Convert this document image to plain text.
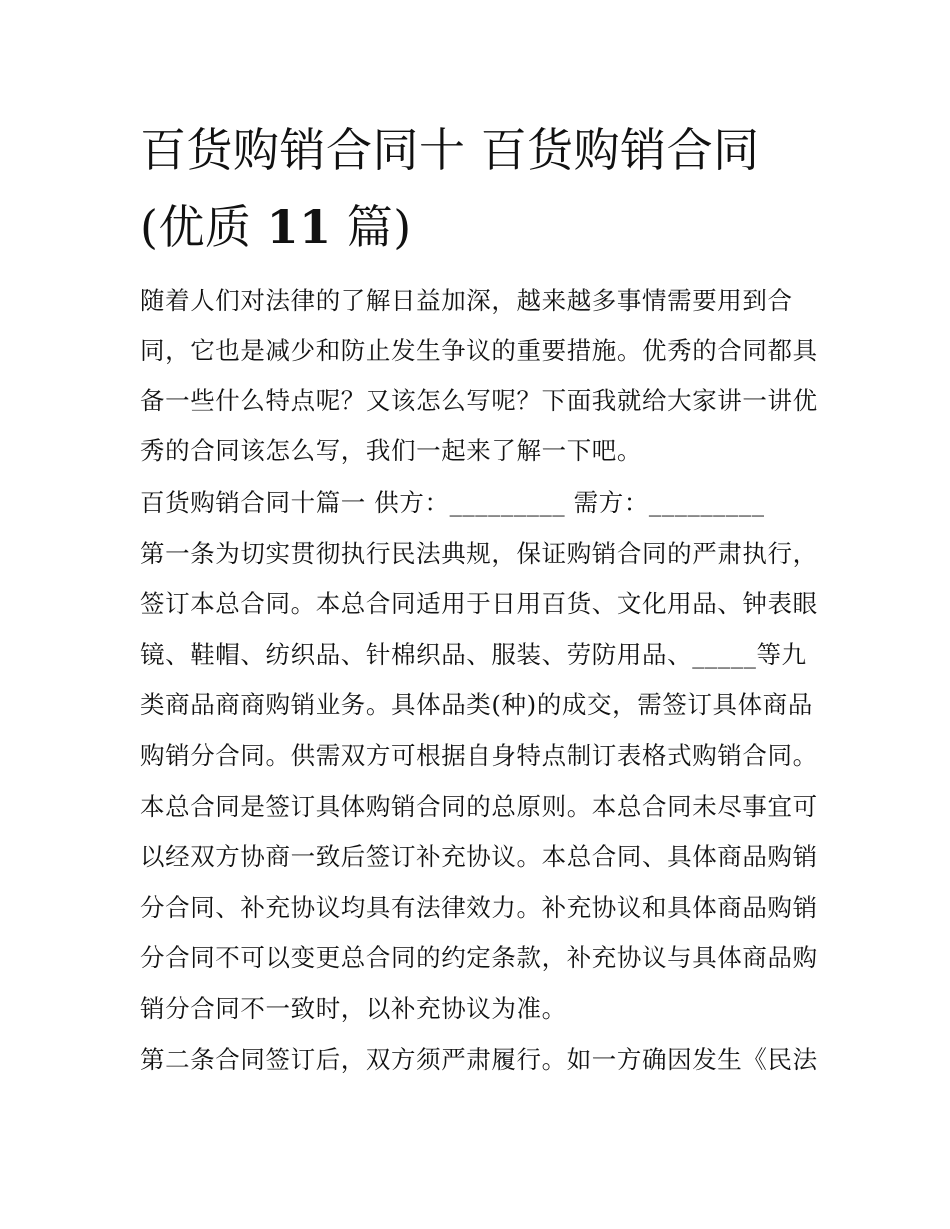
百货购销合同十 百货购销合同
(优质 11 篇)
随着人们对法律的了解日益加深，越来越多事情需要用到合
同，它也是减少和防止发生争议的重要措施。优秀的合同都具
备一些什么特点呢？又该怎么写呢？下面我就给大家讲一讲优
秀的合同该怎么写，我们一起来了解一下吧。
百货购销合同十篇一 供方：_________ 需方：_________
第一条为切实贯彻执行民法典规，保证购销合同的严肃执行，
签订本总合同。本总合同适用于日用百货、文化用品、钟表眼
镜、鞋帽、纺织品、针棉织品、服装、劳防用品、_____等九
类商品商商购销业务。具体品类(种)的成交，需签订具体商品
购销分合同。供需双方可根据自身特点制订表格式购销合同。
本总合同是签订具体购销合同的总原则。本总合同未尽事宜可
以经双方协商一致后签订补充协议。本总合同、具体商品购销
分合同、补充协议均具有法律效力。补充协议和具体商品购销
分合同不可以变更总合同的约定条款，补充协议与具体商品购
销分合同不一致时，以补充协议为准。
第二条合同签订后，双方须严肃履行。如一方确因发生《民法
